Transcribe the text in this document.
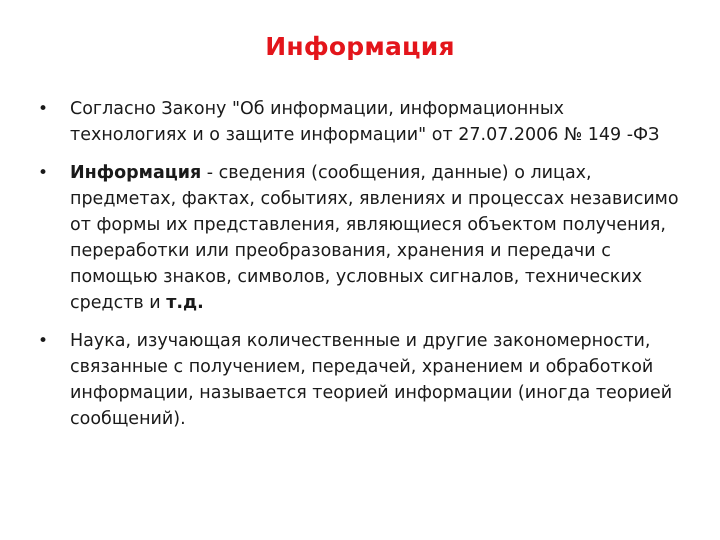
Информация
• Согласно Закону "Об информации, информационных технологиях и о защите информации" от 27.07.2006 № 149 -ФЗ
• Информация - сведения (сообщения, данные) о лицах, предметах, фактах, событиях, явлениях и процессах независимо от формы их представления, являющиеся объектом получения, переработки или преобразования, хранения и передачи с помощью знаков, символов, условных сигналов, технических средств и т.д.
• Наука, изучающая количественные и другие закономерности, связанные с получением, передачей, хранением и обработкой информации, называется теорией информации (иногда теорией сообщений).
